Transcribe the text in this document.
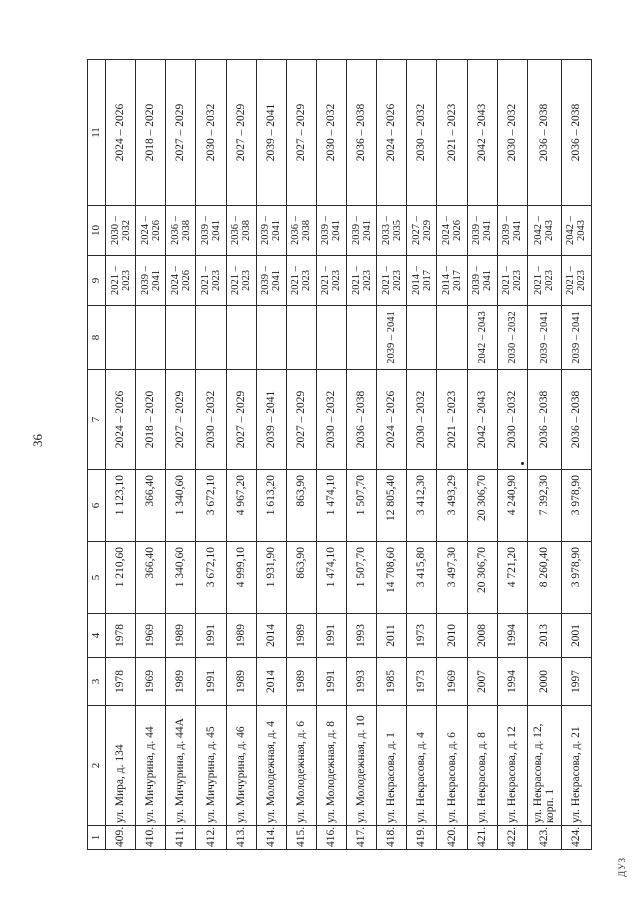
36
ДУЗ
1	2	3	4	5	6	7	8	9	10	11
409.	ул. Мира, д. 134	1978	1978	1 210,60	1 123,10	2024 – 2026		2021 – 2023	2030 – 2032	2024 – 2026
410.	ул. Мичурина, д. 44	1969	1969	366,40	366,40	2018 – 2020		2039 – 2041	2024 – 2026	2018 – 2020
411.	ул. Мичурина, д. 44А	1989	1989	1 340,60	1 340,60	2027 – 2029		2024 – 2026	2036 – 2038	2027 – 2029
412.	ул. Мичурина, д. 45	1991	1991	3 672,10	3 672,10	2030 – 2032		2021 – 2023	2039 – 2041	2030 – 2032
413.	ул. Мичурина, д. 46	1989	1989	4 999,10	4 967,20	2027 – 2029		2021 – 2023	2036 – 2038	2027 – 2029
414.	ул. Молодежная, д. 4	2014	2014	1 931,90	1 613,20	2039 – 2041		2039 – 2041	2039 – 2041	2039 – 2041
415.	ул. Молодежная, д. 6	1989	1989	863,90	863,90	2027 – 2029		2021 – 2023	2036 – 2038	2027 – 2029
416.	ул. Молодежная, д. 8	1991	1991	1 474,10	1 474,10	2030 – 2032		2021 – 2023	2039 – 2041	2030 – 2032
417.	ул. Молодежная, д. 10	1993	1993	1 507,70	1 507,70	2036 – 2038		2021 – 2023	2039 – 2041	2036 – 2038
418.	ул. Некрасова, д. 1	1985	2011	14 708,60	12 805,40	2024 – 2026	2039 – 2041	2021 – 2023	2033 – 2035	2024 – 2026
419.	ул. Некрасова, д. 4	1973	1973	3 415,80	3 412,30	2030 – 2032		2014 – 2017	2027 – 2029	2030 – 2032
420.	ул. Некрасова, д. 6	1969	2010	3 497,30	3 493,29	2021 – 2023		2014 – 2017	2024 – 2026	2021 – 2023
421.	ул. Некрасова, д. 8	2007	2008	20 306,70	20 306,70	2042 – 2043	2042 – 2043	2039 – 2041	2039 – 2041	2042 – 2043
422.	ул. Некрасова, д. 12	1994	1994	4 721,20	4 240,90	2030 – 2032	2030 – 2032	2021 – 2023	2039 – 2041	2030 – 2032
423.	ул. Некрасова, д. 12, корп. 1	2000	2013	8 260,40	7 392,30	2036 – 2038	2039 – 2041	2021 – 2023	2042 – 2043	2036 – 2038
424.	ул. Некрасова, д. 21	1997	2001	3 978,90	3 978,90	2036 – 2038	2039 – 2041	2021 – 2023	2042 – 2043	2036 – 2038
